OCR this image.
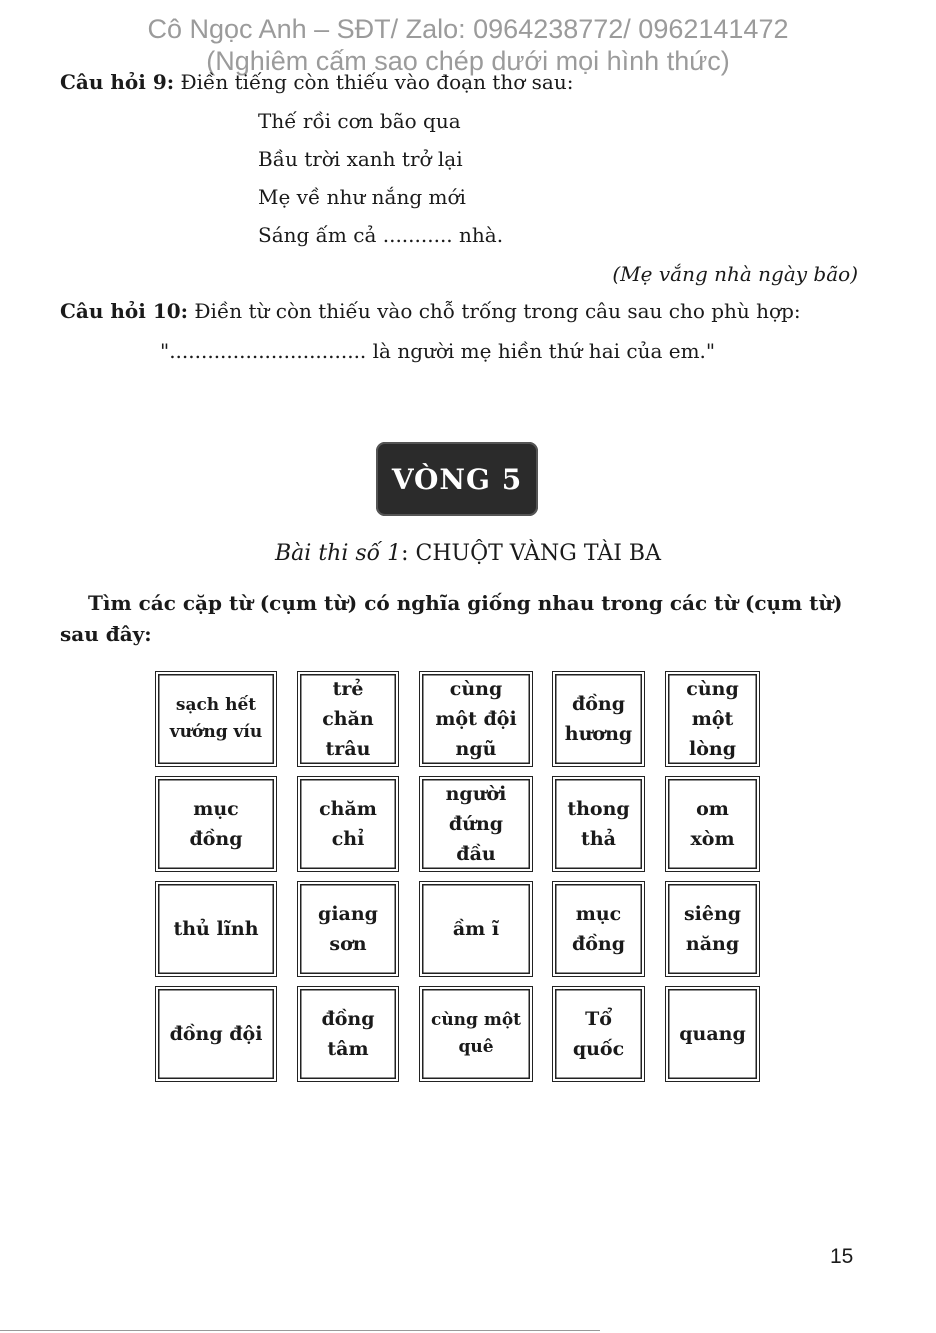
Cô Ngọc Anh – SĐT/ Zalo: 0964238772/ 0962141472
(Nghiêm cấm sao chép dưới mọi hình thức)
Câu hỏi 9: Điền tiếng còn thiếu vào đoạn thơ sau:
Thế rồi cơn bão qua
Bầu trời xanh trở lại
Mẹ về như nắng mới
Sáng ấm cả ........... nhà.
(Mẹ vắng nhà ngày bão)
Câu hỏi 10: Điền từ còn thiếu vào chỗ trống trong câu sau cho phù hợp:
"............................... là người mẹ hiền thứ hai của em."
VÒNG 5
Bài thi số 1: CHUỘT VÀNG TÀI BA
Tìm các cặp từ (cụm từ) có nghĩa giống nhau trong các từ (cụm từ) sau đây:
sạch hết vướng víu
trẻ chăn trâu
cùng một đội ngũ
đồng hương
cùng một lòng
mục đồng
chăm chỉ
người đứng đầu
thong thả
om xòm
thủ lĩnh
giang sơn
ầm ĩ
mục đồng
siêng năng
đồng đội
đồng tâm
cùng một quê
Tổ quốc
quang
15
